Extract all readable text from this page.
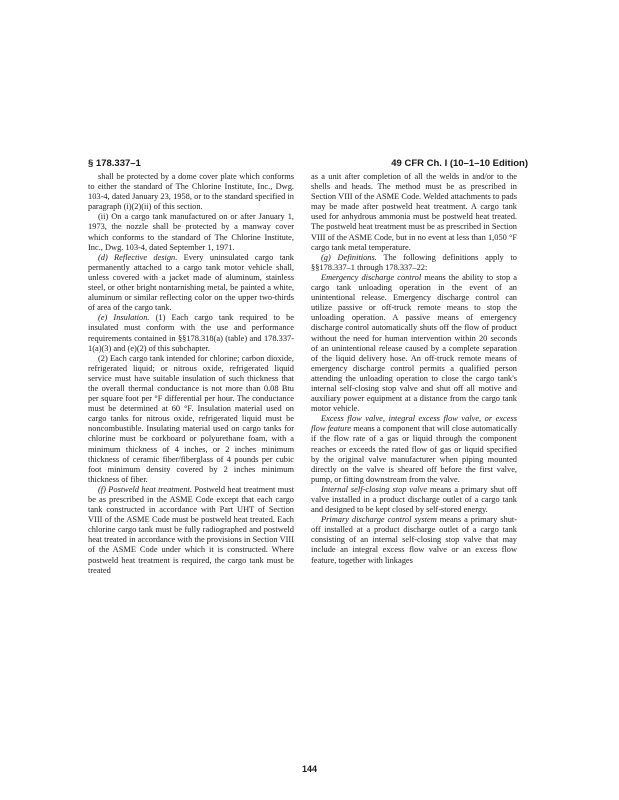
§ 178.337–1	49 CFR Ch. I (10–1–10 Edition)

shall be protected by a dome cover plate which conforms to either the standard of The Chlorine Institute, Inc., Dwg. 103-4, dated January 23, 1958, or to the standard specified in paragraph (i)(2)(ii) of this section.

(ii) On a cargo tank manufactured on or after January 1, 1973, the nozzle shall be protected by a manway cover which conforms to the standard of The Chlorine Institute, Inc., Dwg. 103-4, dated September 1, 1971.

(d) Reflective design. Every uninsulated cargo tank permanently attached to a cargo tank motor vehicle shall, unless covered with a jacket made of aluminum, stainless steel, or other bright nontarnishing metal, be painted a white, aluminum or similar reflecting color on the upper two-thirds of area of the cargo tank.

(e) Insulation. (1) Each cargo tank required to be insulated must conform with the use and performance requirements contained in §§178.318(a) (table) and 178.337-1(a)(3) and (e)(2) of this subchapter.

(2) Each cargo tank intended for chlorine; carbon dioxide, refrigerated liquid; or nitrous oxide, refrigerated liquid service must have suitable insulation of such thickness that the overall thermal conductance is not more than 0.08 Btu per square foot per °F differential per hour. The conductance must be determined at 60 °F. Insulation material used on cargo tanks for nitrous oxide, refrigerated liquid must be noncombustible. Insulating material used on cargo tanks for chlorine must be corkboard or polyurethane foam, with a minimum thickness of 4 inches, or 2 inches minimum thickness of ceramic fiber/fiberglass of 4 pounds per cubic foot minimum density covered by 2 inches minimum thickness of fiber.

(f) Postweld heat treatment. Postweld heat treatment must be as prescribed in the ASME Code except that each cargo tank constructed in accordance with Part UHT of Section VIII of the ASME Code must be postweld heat treated. Each chlorine cargo tank must be fully radiographed and postweld heat treated in accordance with the provisions in Section VIII of the ASME Code under which it is constructed. Where postweld heat treatment is required, the cargo tank must be treated

as a unit after completion of all the welds in and/or to the shells and heads. The method must be as prescribed in Section VIII of the ASME Code. Welded attachments to pads may be made after postweld heat treatment. A cargo tank used for anhydrous ammonia must be postweld heat treated. The postweld heat treatment must be as prescribed in Section VIII of the ASME Code, but in no event at less than 1,050 °F cargo tank metal temperature.

(g) Definitions. The following definitions apply to §§178.337–1 through 178.337–22:

Emergency discharge control means the ability to stop a cargo tank unloading operation in the event of an unintentional release. Emergency discharge control can utilize passive or off-truck remote means to stop the unloading operation. A passive means of emergency discharge control automatically shuts off the flow of product without the need for human intervention within 20 seconds of an unintentional release caused by a complete separation of the liquid delivery hose. An off-truck remote means of emergency discharge control permits a qualified person attending the unloading operation to close the cargo tank's internal self-closing stop valve and shut off all motive and auxiliary power equipment at a distance from the cargo tank motor vehicle.

Excess flow valve, integral excess flow valve, or excess flow feature means a component that will close automatically if the flow rate of a gas or liquid through the component reaches or exceeds the rated flow of gas or liquid specified by the original valve manufacturer when piping mounted directly on the valve is sheared off before the first valve, pump, or fitting downstream from the valve.

Internal self-closing stop valve means a primary shut off valve installed in a product discharge outlet of a cargo tank and designed to be kept closed by self-stored energy.

Primary discharge control system means a primary shut-off installed at a product discharge outlet of a cargo tank consisting of an internal self-closing stop valve that may include an integral excess flow valve or an excess flow feature, together with linkages

144
